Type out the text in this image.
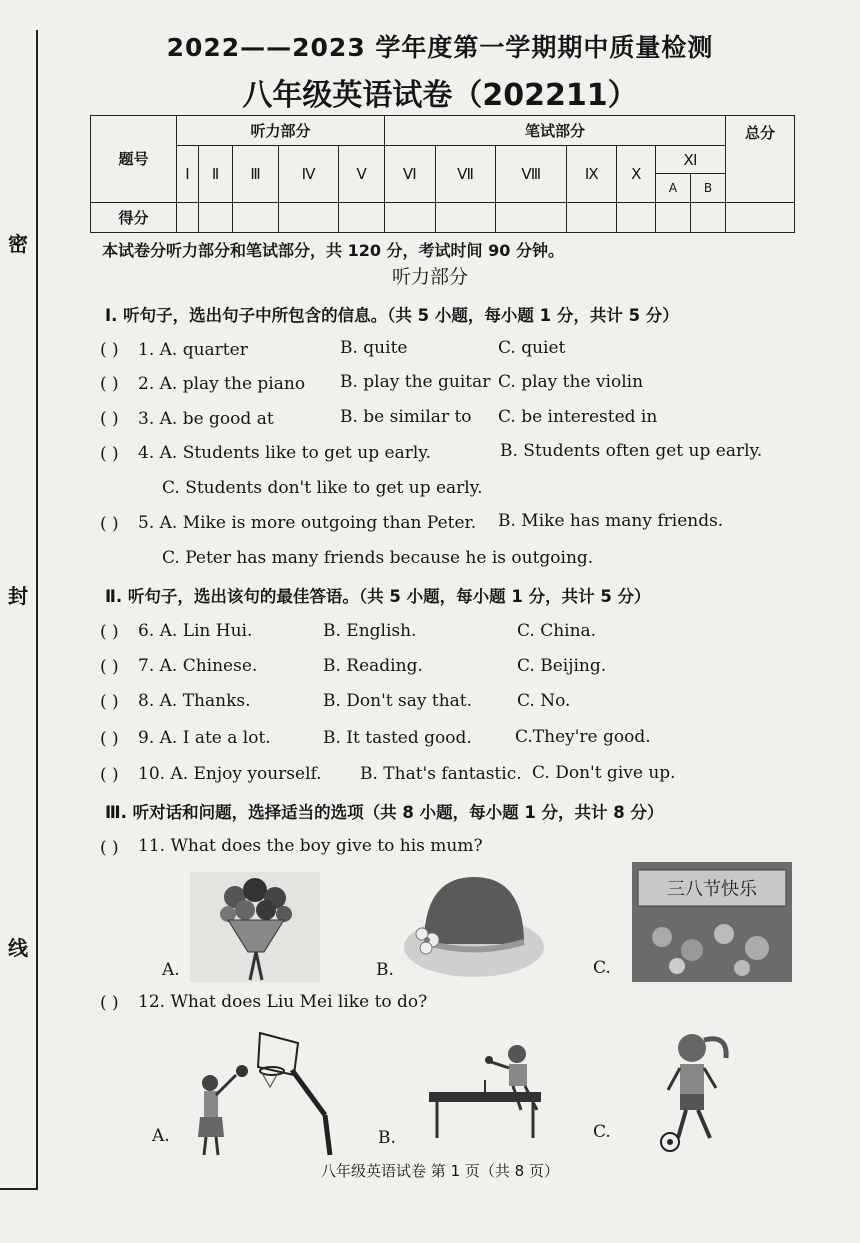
密
封
线
2022——2023 学年度第一学期期中质量检测
八年级英语试卷（202211）
题号	听力部分					笔试部分							总分
	Ⅰ	Ⅱ	Ⅲ	Ⅳ	Ⅴ	Ⅵ	Ⅶ	Ⅷ	Ⅸ	Ⅹ	Ⅺ		
											A	B	
得分													
本试卷分听力部分和笔试部分，共 120 分，考试时间 90 分钟。
听力部分
Ⅰ. 听句子，选出句子中所包含的信息。（共 5 小题，每小题 1 分，共计 5 分）
( ) 1. A. quarter	B. quite	C. quiet
( ) 2. A. play the piano B. play the guitar C. play the violin
( ) 3. A. be good at	B. be similar to C. be interested in
( ) 4. A. Students like to get up early.	B. Students often get up early.
C. Students don't like to get up early.
( ) 5. A. Mike is more outgoing than Peter. B. Mike has many friends.
C. Peter has many friends because he is outgoing.
Ⅱ. 听句子，选出该句的最佳答语。（共 5 小题，每小题 1 分，共计 5 分）
( ) 6. A. Lin Hui.	B. English.	C. China.
( ) 7. A. Chinese.	B. Reading.	C. Beijing.
( ) 8. A. Thanks.	B. Don't say that.	C. No.
( ) 9. A. I ate a lot.	B. It tasted good.	C.They're good.
( ) 10. A. Enjoy yourself. B. That's fantastic. C. Don't give up.
Ⅲ. 听对话和问题，选择适当的选项（共 8 小题，每小题 1 分，共计 8 分）
( ) 11. What does the boy give to his mum?
A.	B.
三八节快乐
C.
( ) 12. What does Liu Mei like to do?
A.	B.	C.
八年级英语试卷 第 1 页（共 8 页）
